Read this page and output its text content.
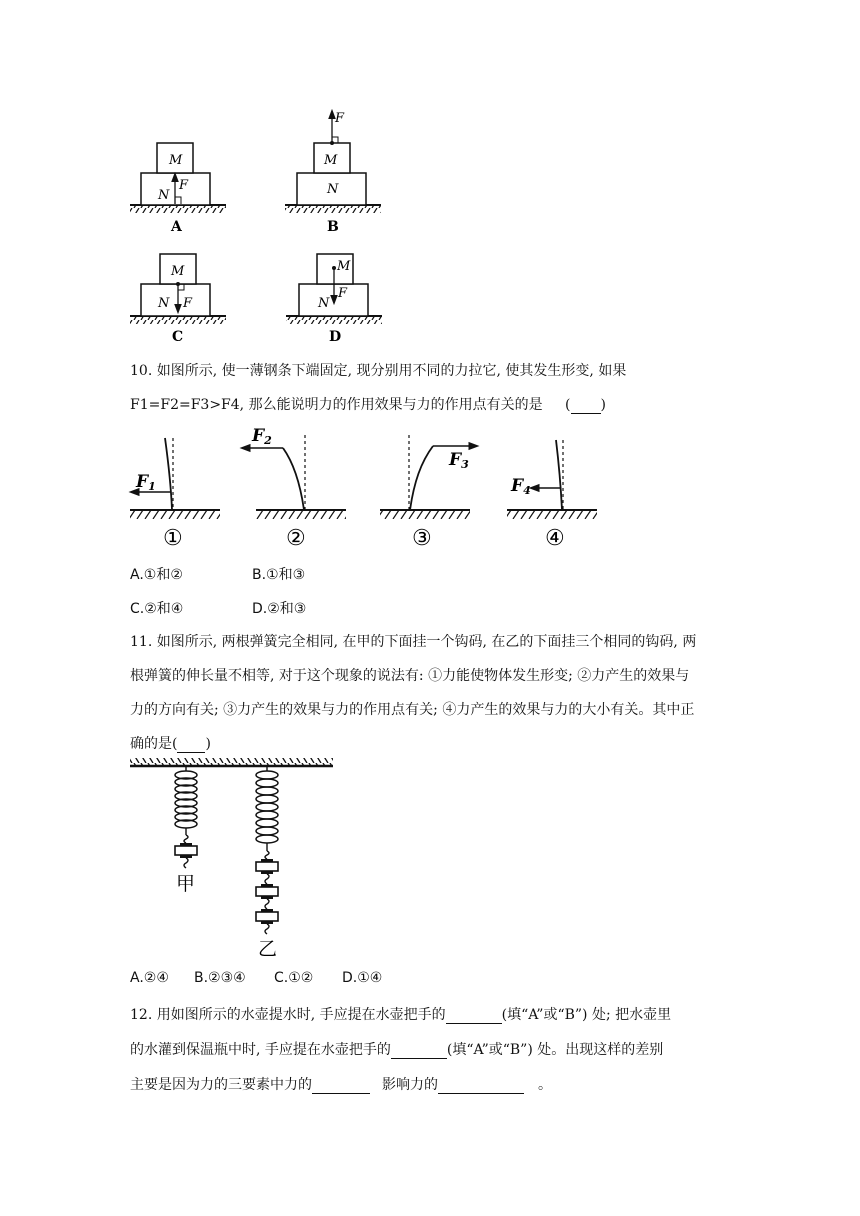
M
N
F
A
M
N
F
B
M
N F
C
M
N
F
D
10. 如图所示, 使一薄钢条下端固定, 现分别用不同的力拉它, 使其发生形变, 如果
F1=F2=F3>F4, 那么能说明力的作用效果与力的作用点有关的是 ( )
F1
①
F2
②
F3
③
F4
④
A.①和②	B.①和③
C.②和④	D.②和③
11. 如图所示, 两根弹簧完全相同, 在甲的下面挂一个钩码, 在乙的下面挂三个相同的钩码, 两
根弹簧的伸长量不相等, 对于这个现象的说法有: ①力能使物体发生形变; ②力产生的效果与
力的方向有关; ③力产生的效果与力的作用点有关; ④力产生的效果与力的大小有关。其中正
确的是( )
甲
乙
A.②④ B.②③④ C.①② D.①④
12. 用如图所示的水壶提水时, 手应提在水壶把手的	(填“A”或“B”) 处; 把水壶里
的水灌到保温瓶中时, 手应提在水壶把手的	(填“A”或“B”) 处。出现这样的差别
主要是因为力的三要素中力的	影响力的	。
